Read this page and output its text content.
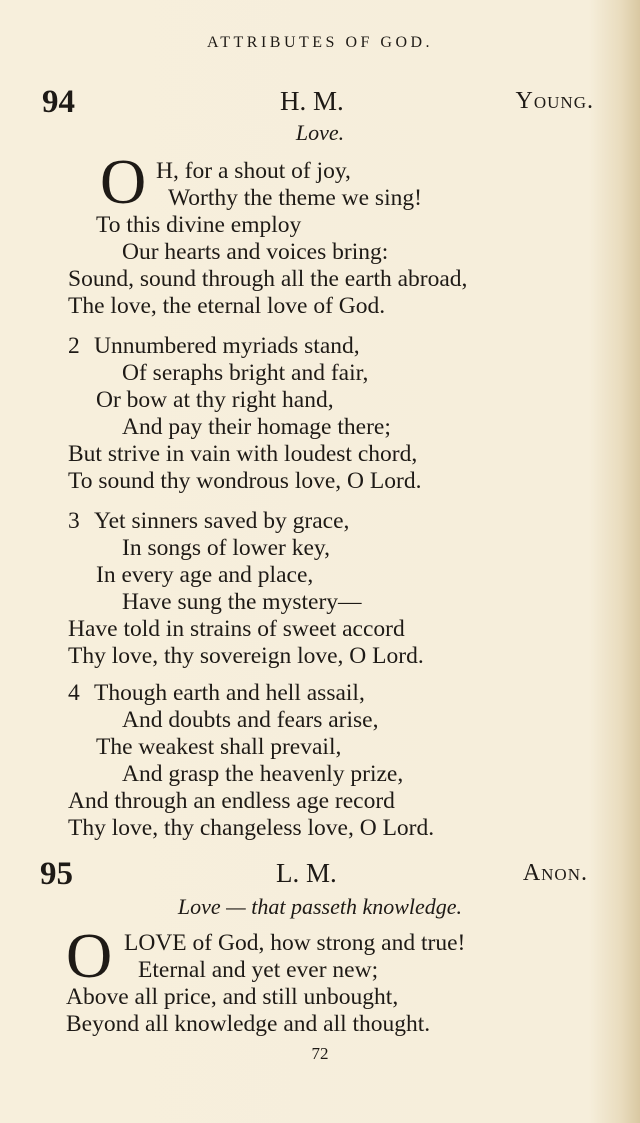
ATTRIBUTES OF GOD.
94	H. M.	Young.
Love.
O H, for a shout of joy,
Worthy the theme we sing!
To this divine employ
Our hearts and voices bring:
Sound, sound through all the earth abroad,
The love, the eternal love of God.
2 Unnumbered myriads stand,
Of seraphs bright and fair,
Or bow at thy right hand,
And pay their homage there;
But strive in vain with loudest chord,
To sound thy wondrous love, O Lord.
3 Yet sinners saved by grace,
In songs of lower key,
In every age and place,
Have sung the mystery—
Have told in strains of sweet accord
Thy love, thy sovereign love, O Lord.
4 Though earth and hell assail,
And doubts and fears arise,
The weakest shall prevail,
And grasp the heavenly prize,
And through an endless age record
Thy love, thy changeless love, O Lord.
95	L. M.	Anon.
Love — that passeth knowledge.
O LOVE of God, how strong and true!
Eternal and yet ever new;
Above all price, and still unbought,
Beyond all knowledge and all thought.
72
